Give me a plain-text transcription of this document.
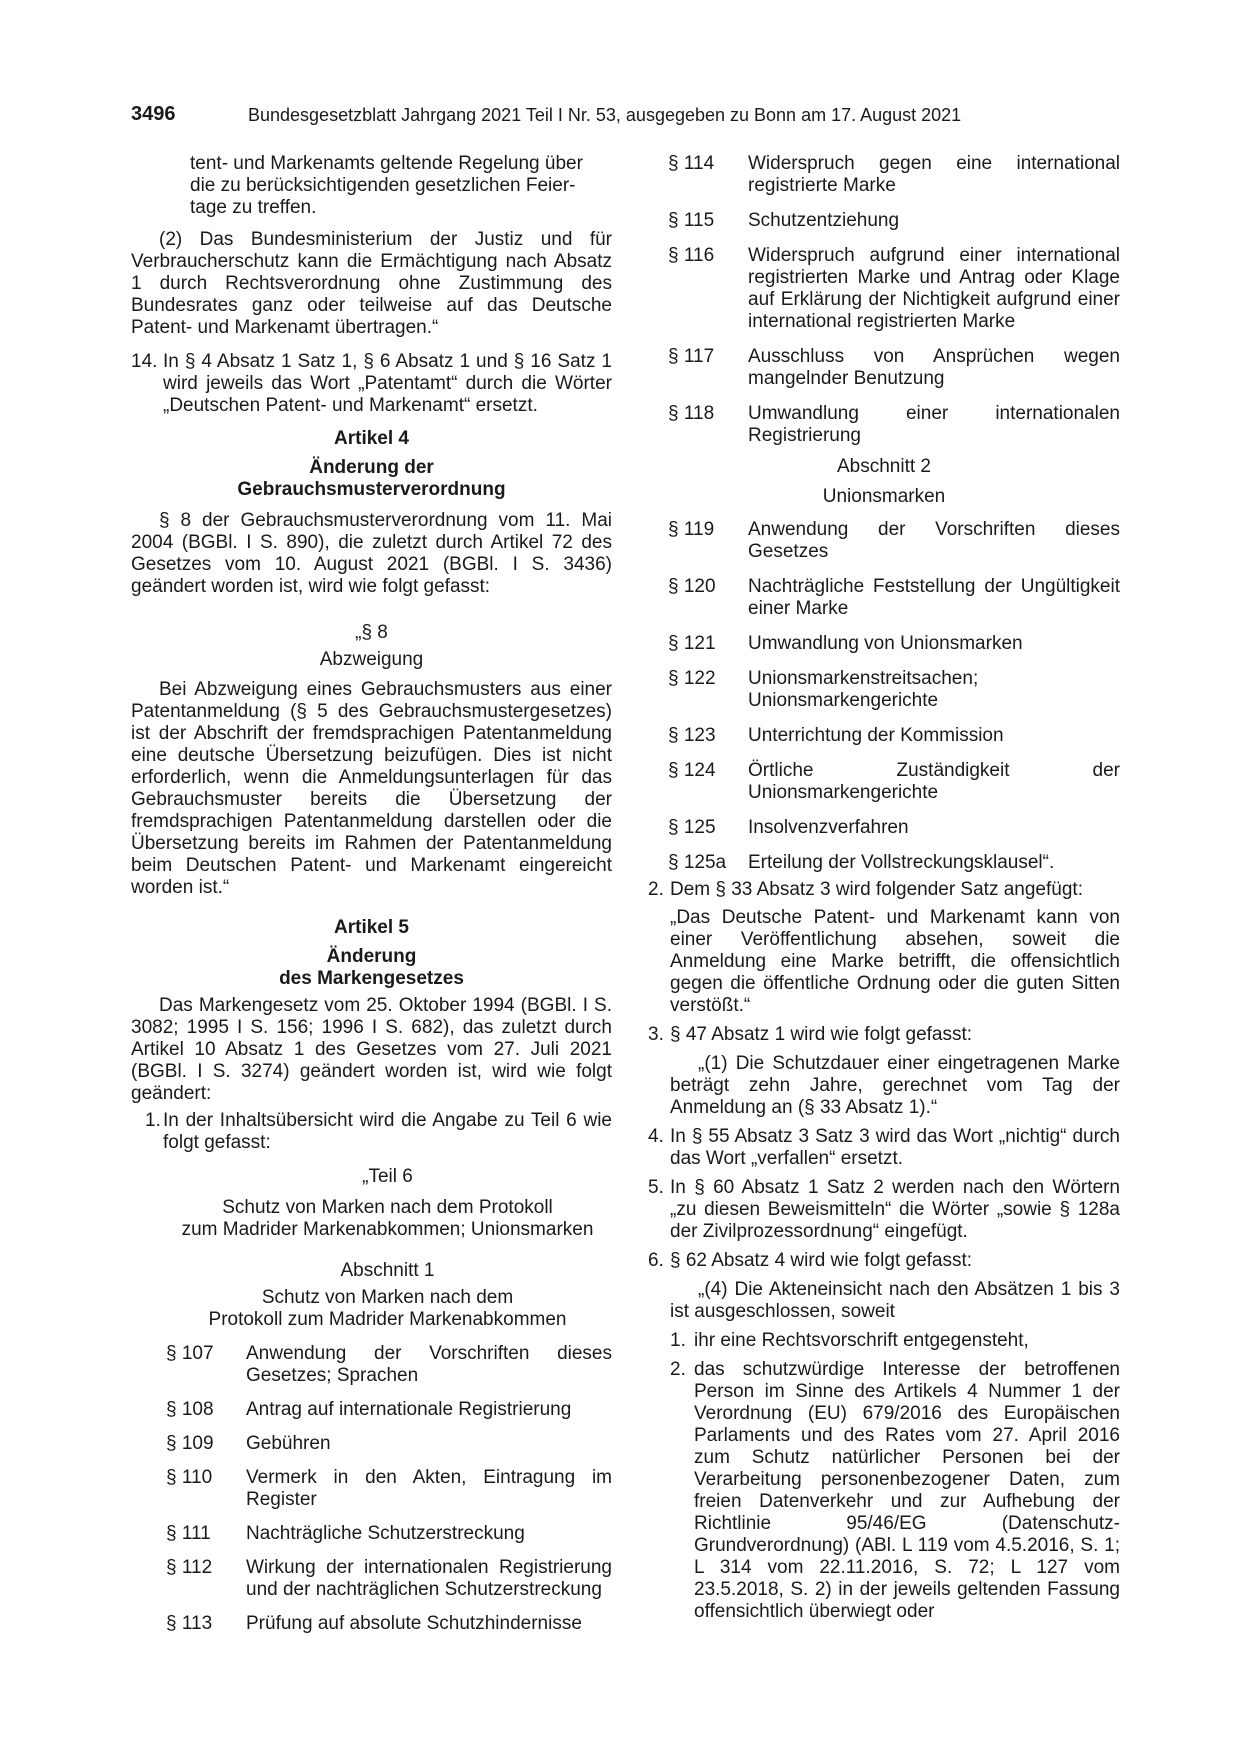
3496	Bundesgesetzblatt Jahrgang 2021 Teil I Nr. 53, ausgegeben zu Bonn am 17. August 2021

tent- und Markenamts geltende Regelung über

die zu berücksichtigenden gesetzlichen Feier-

tage zu treffen.

(2) Das Bundesministerium der Justiz und für Verbraucherschutz kann die Ermächtigung nach Absatz 1 durch Rechtsverordnung ohne Zustimmung des Bundesrates ganz oder teilweise auf das Deutsche Patent- und Markenamt übertragen.“

14. In § 4 Absatz 1 Satz 1, § 6 Absatz 1 und § 16 Satz 1 wird jeweils das Wort „Patentamt“ durch die Wörter „Deutschen Patent- und Markenamt“ ersetzt.

Artikel 4

Änderung der

Gebrauchsmusterverordnung

§ 8 der Gebrauchsmusterverordnung vom 11. Mai 2004 (BGBl. I S. 890), die zuletzt durch Artikel 72 des Gesetzes vom 10. August 2021 (BGBl. I S. 3436) geändert worden ist, wird wie folgt gefasst:

„§ 8

Abzweigung

Bei Abzweigung eines Gebrauchsmusters aus einer Patentanmeldung (§ 5 des Gebrauchsmustergesetzes) ist der Abschrift der fremdsprachigen Patentanmeldung eine deutsche Übersetzung beizufügen. Dies ist nicht erforderlich, wenn die Anmeldungsunterlagen für das Gebrauchsmuster bereits die Übersetzung der fremdsprachigen Patentanmeldung darstellen oder die Übersetzung bereits im Rahmen der Patentanmeldung beim Deutschen Patent- und Markenamt eingereicht worden ist.“

Artikel 5

Änderung

des Markengesetzes

Das Markengesetz vom 25. Oktober 1994 (BGBl. I S. 3082; 1995 I S. 156; 1996 I S. 682), das zuletzt durch Artikel 10 Absatz 1 des Gesetzes vom 27. Juli 2021 (BGBl. I S. 3274) geändert worden ist, wird wie folgt geändert:

1. In der Inhaltsübersicht wird die Angabe zu Teil 6 wie folgt gefasst:

„Teil 6

Schutz von Marken nach dem Protokoll

zum Madrider Markenabkommen; Unionsmarken

Abschnitt 1

Schutz von Marken nach dem

Protokoll zum Madrider Markenabkommen

§ 107	Anwendung der Vorschriften dieses Gesetzes; Sprachen
§ 108	Antrag auf internationale Registrierung
§ 109	Gebühren
§ 110	Vermerk in den Akten, Eintragung im Register
§ 111	Nachträgliche Schutzerstreckung
§ 112	Wirkung der internationalen Registrierung und der nachträglichen Schutzerstreckung
§ 113	Prüfung auf absolute Schutzhindernisse
§ 114	Widerspruch gegen eine international registrierte Marke
§ 115	Schutzentziehung
§ 116	Widerspruch aufgrund einer international registrierten Marke und Antrag oder Klage auf Erklärung der Nichtigkeit aufgrund einer international registrierten Marke
§ 117	Ausschluss von Ansprüchen wegen mangelnder Benutzung
§ 118	Umwandlung einer internationalen Registrierung

Abschnitt 2

Unionsmarken

§ 119	Anwendung der Vorschriften dieses Gesetzes
§ 120	Nachträgliche Feststellung der Ungültigkeit einer Marke
§ 121	Umwandlung von Unionsmarken
§ 122	Unionsmarkenstreitsachen; Unionsmarkengerichte
§ 123	Unterrichtung der Kommission
§ 124	Örtliche Zuständigkeit der Unionsmarkengerichte
§ 125	Insolvenzverfahren
§ 125a	Erteilung der Vollstreckungsklausel“.
2. Dem § 33 Absatz 3 wird folgender Satz angefügt:

„Das Deutsche Patent- und Markenamt kann von einer Veröffentlichung absehen, soweit die Anmeldung eine Marke betrifft, die offensichtlich gegen die öffentliche Ordnung oder die guten Sitten verstößt.“

3. § 47 Absatz 1 wird wie folgt gefasst:

„(1) Die Schutzdauer einer eingetragenen Marke beträgt zehn Jahre, gerechnet vom Tag der Anmeldung an (§ 33 Absatz 1).“

4. In § 55 Absatz 3 Satz 3 wird das Wort „nichtig“ durch das Wort „verfallen“ ersetzt.
5. In § 60 Absatz 1 Satz 2 werden nach den Wörtern „zu diesen Beweismitteln“ die Wörter „sowie § 128a der Zivilprozessordnung“ eingefügt.
6. § 62 Absatz 4 wird wie folgt gefasst:

„(4) Die Akteneinsicht nach den Absätzen 1 bis 3 ist ausgeschlossen, soweit

1. ihr eine Rechtsvorschrift entgegensteht,
2. das schutzwürdige Interesse der betroffenen Person im Sinne des Artikels 4 Nummer 1 der Verordnung (EU) 679/2016 des Europäischen Parlaments und des Rates vom 27. April 2016 zum Schutz natürlicher Personen bei der Verarbeitung personenbezogener Daten, zum freien Datenverkehr und zur Aufhebung der Richtlinie 95/46/EG (Datenschutz-Grundverordnung) (ABl. L 119 vom 4.5.2016, S. 1; L 314 vom 22.11.2016, S. 72; L 127 vom 23.5.2018, S. 2) in der jeweils geltenden Fassung offensichtlich überwiegt oder
